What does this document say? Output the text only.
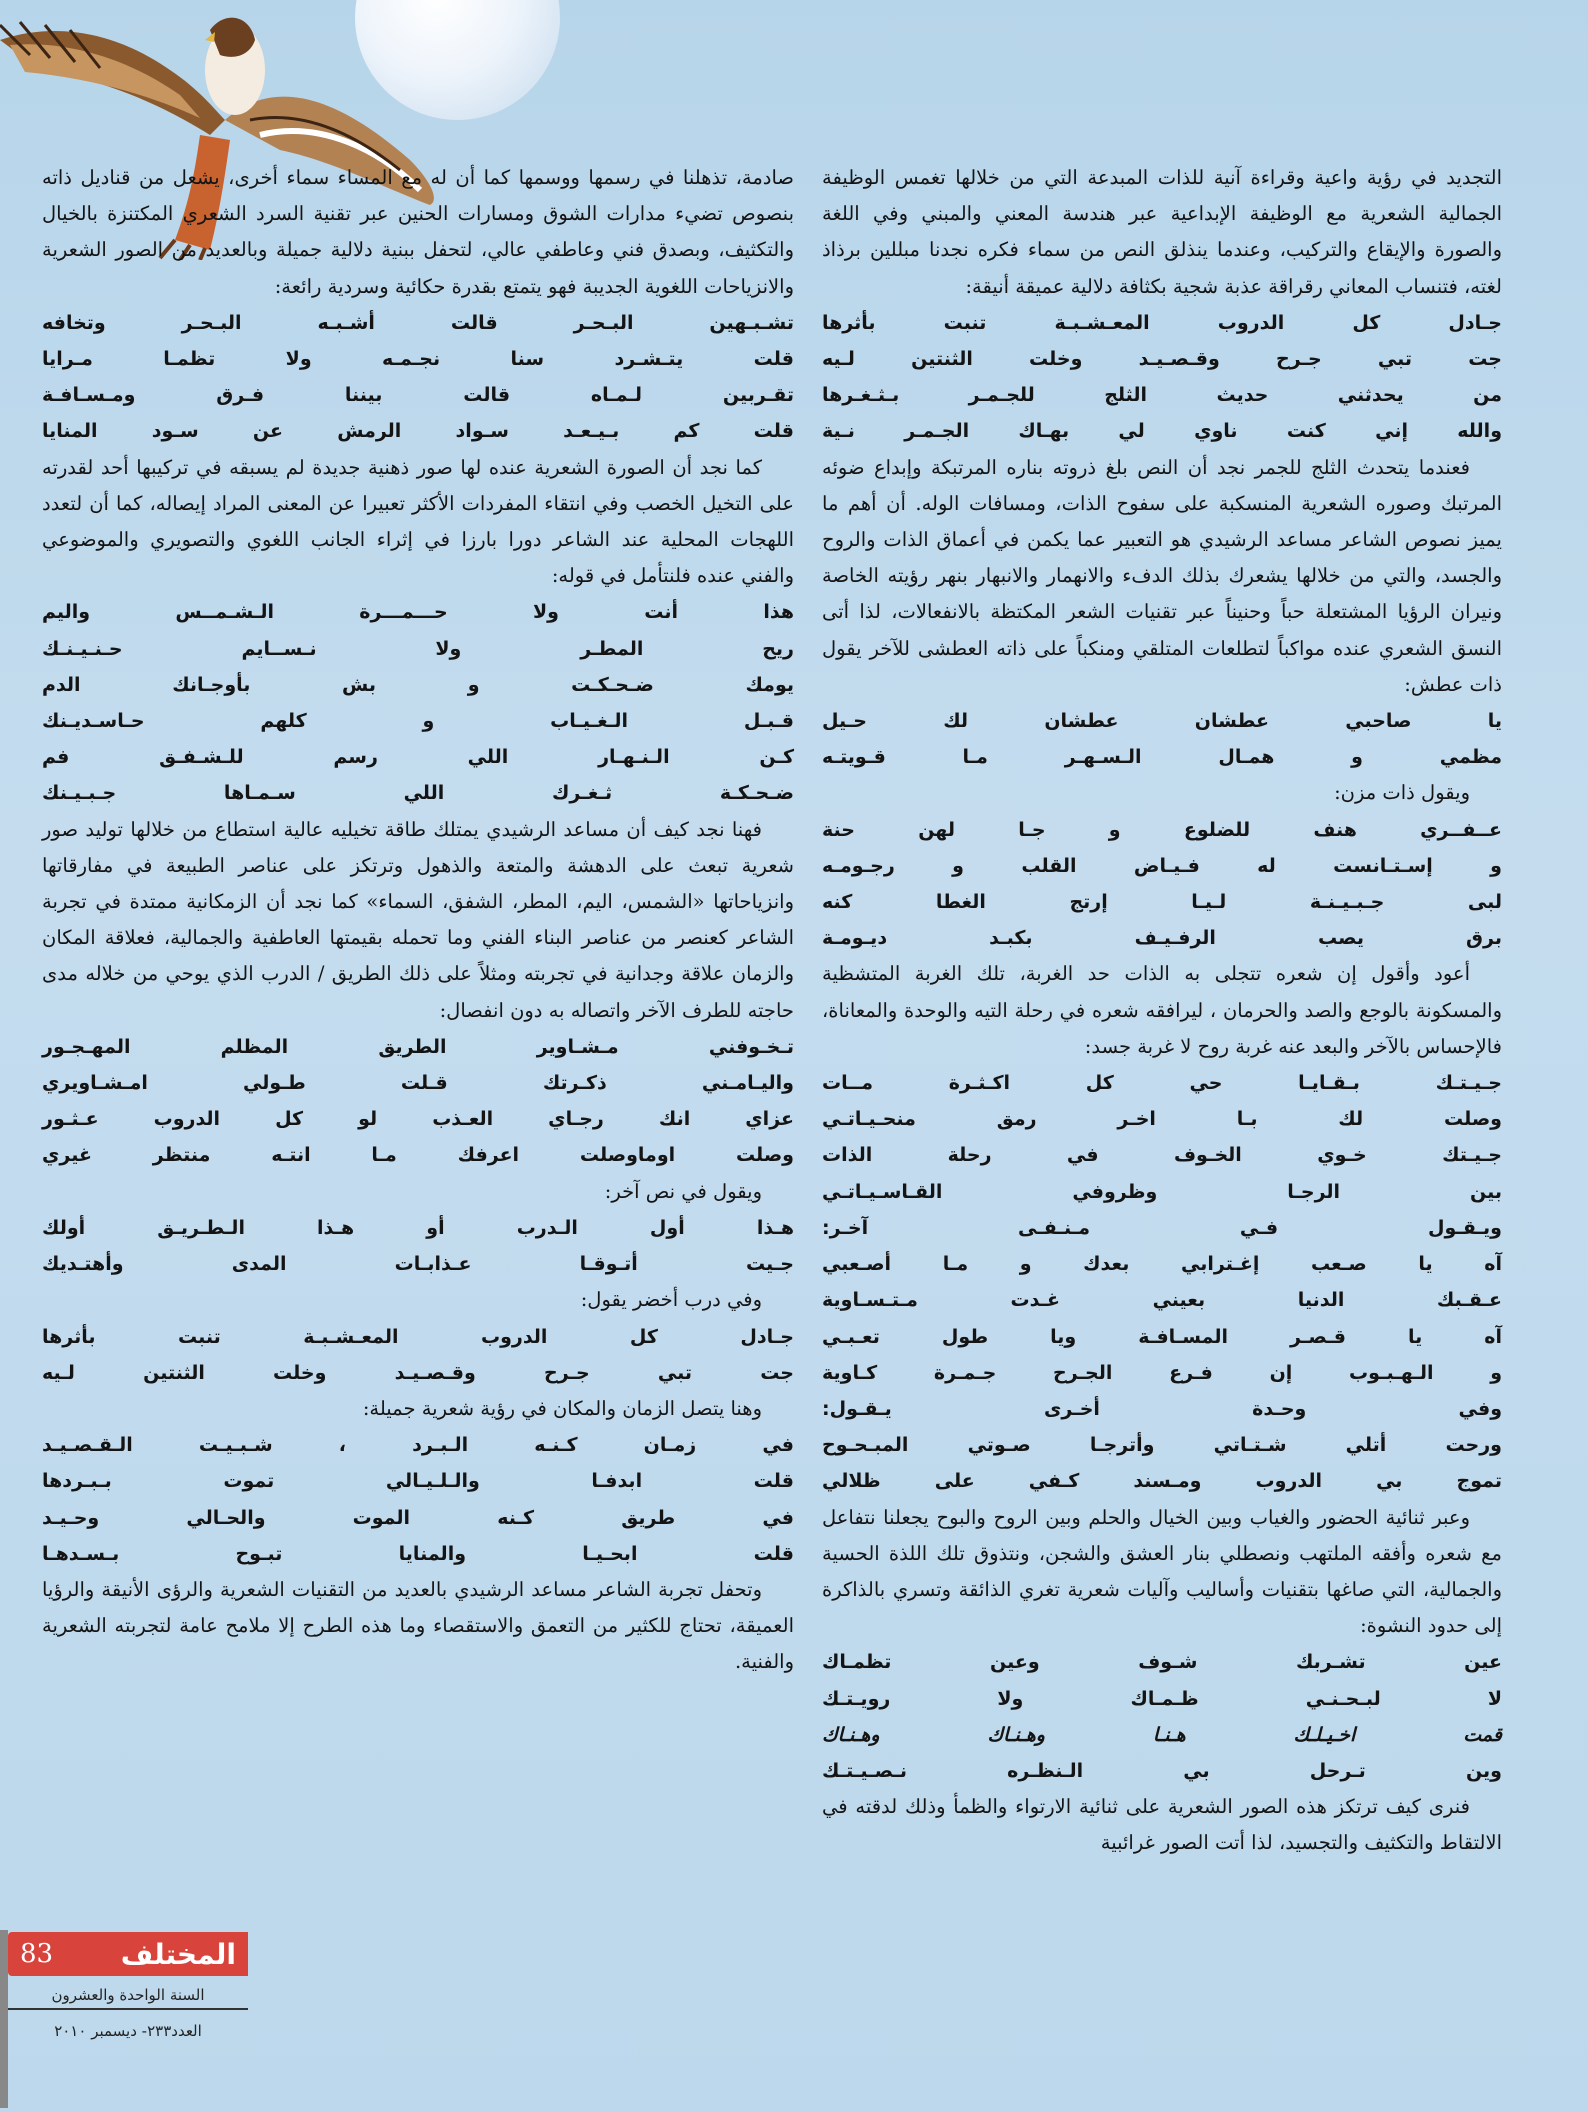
التجديد في رؤية واعية وقراءة آنية للذات المبدعة التي من خلالها تغمس الوظيفة الجمالية الشعرية مع الوظيفة الإبداعية عبر هندسة المعني والمبني وفي اللغة والصورة والإيقاع والتركيب، وعندما ينذلق النص من سماء فكره نجدنا مبللين برذاذ لغته، فتنساب المعاني رقراقة عذبة شجية بكثافة دلالية عميقة أنيقة:

جـادل كل الدروب المعـشـبـة تنبت بأثرها

جت تبي جـرح وقـصـيـد وخلت الثنتين لـيه

من يحدثني حديث الثلج للجـمـر بـثـغـرها

والله إني كنت ناوي لي بهـاك الجـمـر نـية

فعندما يتحدث الثلج للجمر نجد أن النص بلغ ذروته بناره المرتبكة وإبداع ضوئه المرتبك وصوره الشعرية المنسكبة على سفوح الذات، ومسافات الوله. أن أهم ما يميز نصوص الشاعر مساعد الرشيدي هو التعبير عما يكمن في أعماق الذات والروح والجسد، والتي من خلالها يشعرك بذلك الدفء والانهمار والانبهار بنهر رؤيته الخاصة ونيران الرؤيا المشتعلة حباً وحنيناً عبر تقنيات الشعر المكتظة بالانفعالات، لذا أتى النسق الشعري عنده مواكباً لتطلعات المتلقي ومنكباً على ذاته العطشى للآخر يقول ذات عطش:

يا صاحبي عطشان عطشان لك حـيل

مظمي و همـال الـسـهـر مـا قـويتـه

ويقول ذات مزن:

عــفــري هنف للضلوع و جـا لهن حنة

و إسـتـانست له فـيـاض القلب و رجـومـه

لبى جـبـيـنـة لـيـا إرتج الغطا كنه

برق يصب الرفـيـف بكبـد ديـومـة

أعود وأقول إن شعره تتجلى به الذات حد الغربة، تلك الغربة المتشظية والمسكونة بالوجع والصد والحرمان ، ليرافقه شعره في رحلة التيه والوحدة والمعاناة، فالإحساس بالآخر والبعد عنه غربة روح لا غربة جسد:

جـيـتـك بـقـايـا حي كل اكـثـرة مــات

وصلت لك بـا اخـر رمق منحـيـاتـي

جـيـتك خـوي الخـوف في رحلة الذات

بين الرجـا وظروفي القـاسـيـاتـي

ويـقـول فـي مـنـفـى آخـر:

آه يا صـعب إغـترابي بعدك و مـا أصـعبي

عـقـبك الدنيا بعيني غـدت مـتـسـاوية

آه يا قـصـر المسـافـة ويا طول تعـبـي

و الـهـبـوب إن فـرع الجـرح جـمـرة كـاوية

وفي وحـدة أخـرى يـقـول:

ورحت أتلي شـتـاتي وأترجـا صـوتي المبـحـوح

تموج بي الدروب ومـسند كـفي على ظلالي

وعبر ثنائية الحضور والغياب وبين الخيال والحلم وبين الروح والبوح يجعلنا نتفاعل مع شعره وأفقه الملتهب ونصطلي بنار العشق والشجن، ونتذوق تلك اللذة الحسية والجمالية، التي صاغها بتقنيات وأساليب وآليات شعرية تغري الذائقة وتسري بالذاكرة إلى حدود النشوة:

عين تشـربك شـوف وعين تظمـاك

لا لبـحـنـي ظـمـاك ولا رويـتـك

قمت اخـيـلـك هـنـا وهـنـاك وهـنـاك

وين تـرحل بي الـنظـره نـصـيـتـك

فنرى كيف ترتكز هذه الصور الشعرية على ثنائية الارتواء والظمأ وذلك لدقته في الالتقاط والتكثيف والتجسيد، لذا أتت الصور غرائبية

صادمة، تذهلنا في رسمها ووسمها كما أن له مع المساء سماء أخرى، يشعل من قناديل ذاته بنصوص تضيء مدارات الشوق ومسارات الحنين عبر تقنية السرد الشعري المكتنزة بالخيال والتكثيف، وبصدق فني وعاطفي عالي، لتحفل ببنية دلالية جميلة وبالعديد من الصور الشعرية والانزياحات اللغوية الجديبة فهو يتمتع بقدرة حكائية وسردية رائعة:

تشـبـهين البـحـر قالت أشـبـه البـحـر وتخافه

قلت يتـشـرد سنا نجـمـه ولا تظمـا مـرايا

تقـربين لـمـاه قالت بيننا فـرق ومـسـافـة

قلت كم بـيـعـد سـواد الرمش عن سـود المنايا

كما نجد أن الصورة الشعرية عنده لها صور ذهنية جديدة لم يسبقه في تركيبها أحد لقدرته على التخيل الخصب وفي انتقاء المفردات الأكثر تعبيرا عن المعنى المراد إيصاله، كما أن لتعدد اللهجات المحلية عند الشاعر دورا بارزا في إثراء الجانب اللغوي والتصويري والموضوعي والفني عنده فلنتأمل في قوله:

هذا أنت ولا حـــمـــرة الـشـمــس واليم

ريح المطـر ولا نـســايم حـنـيـنـك

يومك ضـحـكـت و بش بأوجـانك الدم

قـبـل الـغـيـاب و كلهم حـاسـديـنك

كـن الـنـهـار اللي رسم للـشـفـق فم

ضـحـكـة ثـغـرك اللي سـمـاها جـبـيـنك

فهنا نجد كيف أن مساعد الرشيدي يمتلك طاقة تخيليه عالية استطاع من خلالها توليد صور شعرية تبعث على الدهشة والمتعة والذهول وترتكز على عناصر الطبيعة في مفارقاتها وانزياحاتها «الشمس، اليم، المطر، الشفق، السماء» كما نجد أن الزمكانية ممتدة في تجربة الشاعر كعنصر من عناصر البناء الفني وما تحمله بقيمتها العاطفية والجمالية، فعلاقة المكان والزمان علاقة وجدانية في تجربته ومثلاً على ذلك الطريق / الدرب الذي يوحي من خلاله مدى حاجته للطرف الآخر واتصاله به دون انفصال:

تـخـوفني مـشـاوير الطريق المظلم المهـجـور

واليـامـني ذكـرتك قـلت طـولي امـشـاويري

عزاي انك رجـاي العـذب لو كل الدروب عـثـور

وصلت اوماوصلت اعرفك مـا انتـه منتظر غيري

ويقول في نص آخر:

هـذا أول الـدرب أو هـذا الـطـريـق أولك

جـيت أتـوقـا عـذابـات المدى وأهتـديك

وفي درب أخضر يقول:

جـادل كل الدروب المعـشـبـة تنبت بأثرها

جت تبي جـرح وقـصـيـد وخلت الثنتين لـيه

وهنا يتصل الزمان والمكان في رؤية شعرية جميلة:

في زمـان كـنـه الـبـرد ، شـبـيـت الـقـصـيـد

قلت ابدفـا والـلـيـالي تموت بـبـردها

في طريق كـنه الموت والحـالي وحـيـد

قلت ابحـيـا والمنايا تبـوح بـسـدهـا

وتحفل تجربة الشاعر مساعد الرشيدي بالعديد من التقنيات الشعرية والرؤى الأنيقة والرؤيا العميقة، تحتاج للكثير من التعمق والاستقصاء وما هذه الطرح إلا ملامح عامة لتجربته الشعرية والفنية.

المختلف
83
السنة الواحدة والعشرون
العدد٢٣٣- ديسمبر ٢٠١٠
